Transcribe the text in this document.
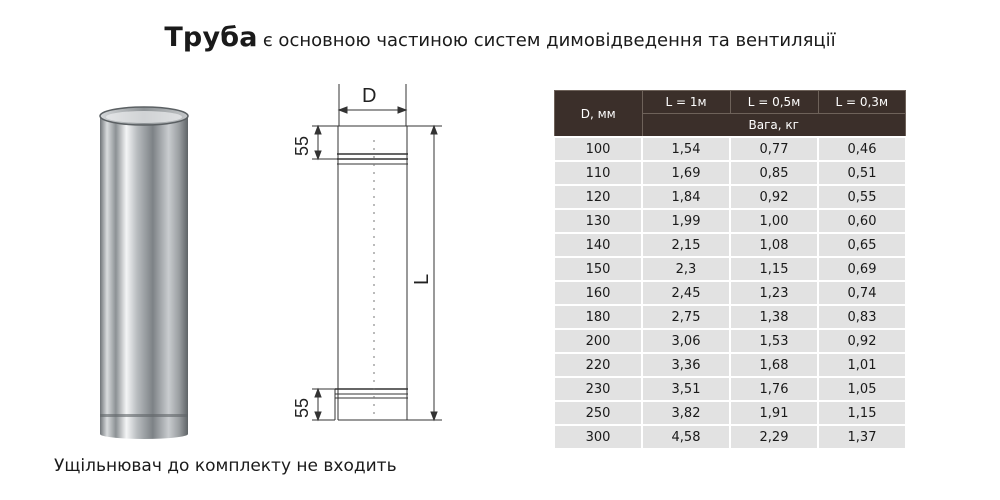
Труба є основною частиною систем димовідведення та вентиляції
D
55
55
L
D, мм	L = 1м	L = 0,5м	L = 0,3м
	Вага, кг		
100	1,54	0,77	0,46
110	1,69	0,85	0,51
120	1,84	0,92	0,55
130	1,99	1,00	0,60
140	2,15	1,08	0,65
150	2,3	1,15	0,69
160	2,45	1,23	0,74
180	2,75	1,38	0,83
200	3,06	1,53	0,92
220	3,36	1,68	1,01
230	3,51	1,76	1,05
250	3,82	1,91	1,15
300	4,58	2,29	1,37
Ущільнювач до комплекту не входить
